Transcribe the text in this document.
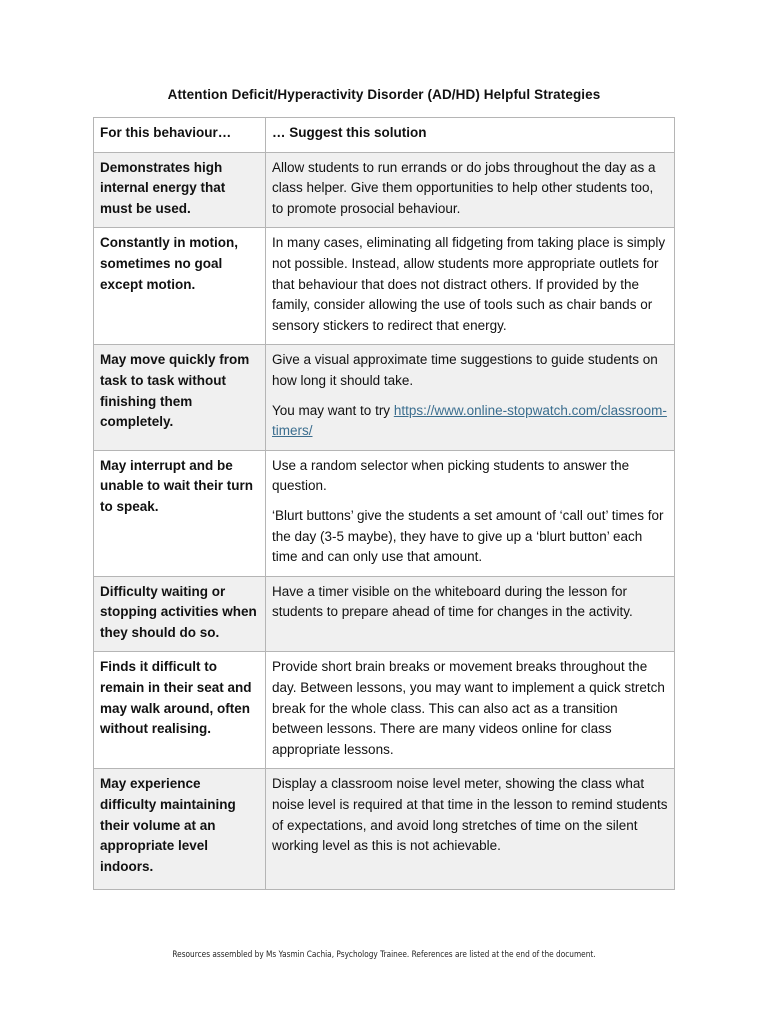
Attention Deficit/Hyperactivity Disorder (AD/HD) Helpful Strategies
For this behaviour…	… Suggest this solution
Demonstrates high internal energy that must be used.	Allow students to run errands or do jobs throughout the day as a class helper. Give them opportunities to help other students too, to promote prosocial behaviour.

Constantly in motion, sometimes no goal except motion.	In many cases, eliminating all fidgeting from taking place is simply not possible. Instead, allow students more appropriate outlets for that behaviour that does not distract others. If provided by the family, consider allowing the use of tools such as chair bands or sensory stickers to redirect that energy.

May move quickly from task to task without finishing them completely.	Give a visual approximate time suggestions to guide students on how long it should take.

You may want to try https://www.online-stopwatch.com/classroom-timers/

May interrupt and be unable to wait their turn to speak.	Use a random selector when picking students to answer the question.

‘Blurt buttons’ give the students a set amount of ‘call out’ times for the day (3-5 maybe), they have to give up a ‘blurt button’ each time and can only use that amount.

Difficulty waiting or stopping activities when they should do so.	Have a timer visible on the whiteboard during the lesson for students to prepare ahead of time for changes in the activity.

Finds it difficult to remain in their seat and may walk around, often without realising.	Provide short brain breaks or movement breaks throughout the day. Between lessons, you may want to implement a quick stretch break for the whole class. This can also act as a transition between lessons. There are many videos online for class appropriate lessons.

May experience difficulty maintaining their volume at an appropriate level indoors.	Display a classroom noise level meter, showing the class what noise level is required at that time in the lesson to remind students of expectations, and avoid long stretches of time on the silent working level as this is not achievable.

Resources assembled by Ms Yasmin Cachia, Psychology Trainee. References are listed at the end of the document.
